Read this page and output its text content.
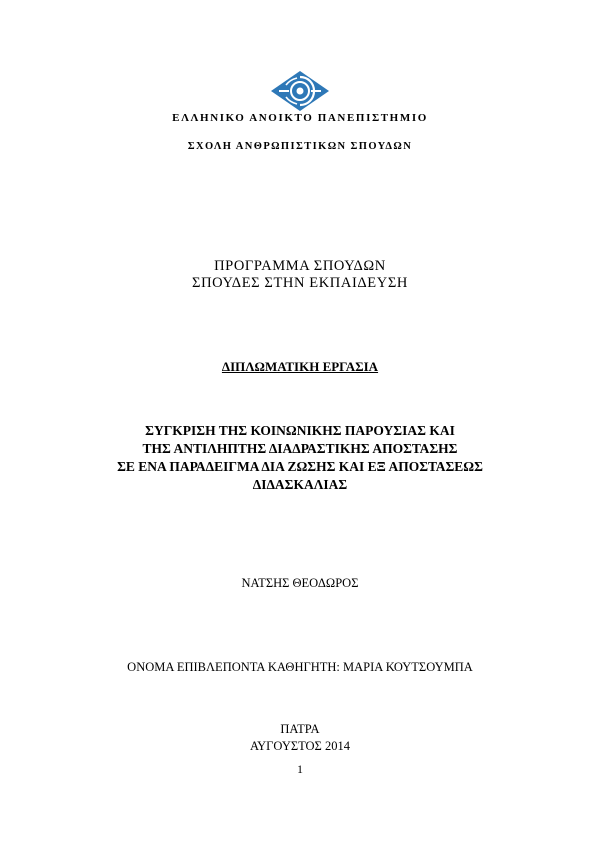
ΕΛΛΗΝΙΚΟ ΑΝΟΙΚΤΟ ΠΑΝΕΠΙΣΤΗΜΙΟ
ΣΧΟΛΗ ΑΝΘΡΩΠΙΣΤΙΚΩΝ ΣΠΟΥΔΩΝ
ΠΡΟΓΡΑΜΜΑ ΣΠΟΥΔΩΝ
ΣΠΟΥΔΕΣ ΣΤΗΝ ΕΚΠΑΙΔΕΥΣΗ
ΔΙΠΛΩΜΑΤΙΚΗ ΕΡΓΑΣΙΑ
ΣΥΓΚΡΙΣΗ ΤΗΣ ΚΟΙΝΩΝΙΚΗΣ ΠΑΡΟΥΣΙΑΣ ΚΑΙ
ΤΗΣ ΑΝΤΙΛΗΠΤΗΣ ΔΙΑΔΡΑΣΤΙΚΗΣ ΑΠΟΣΤΑΣΗΣ
ΣΕ ΕΝΑ ΠΑΡΑΔΕΙΓΜΑ ΔΙΑ ΖΩΣΗΣ ΚΑΙ ΕΞ ΑΠΟΣΤΑΣΕΩΣ
ΔΙΔΑΣΚΑΛΙΑΣ
ΝΑΤΣΗΣ ΘΕΟΔΩΡΟΣ
ΟΝΟΜΑ ΕΠΙΒΛΕΠΟΝΤΑ ΚΑΘΗΓΗΤΗ: ΜΑΡΙΑ ΚΟΥΤΣΟΥΜΠΑ
ΠΑΤΡΑ
ΑΥΓΟΥΣΤΟΣ 2014
1
